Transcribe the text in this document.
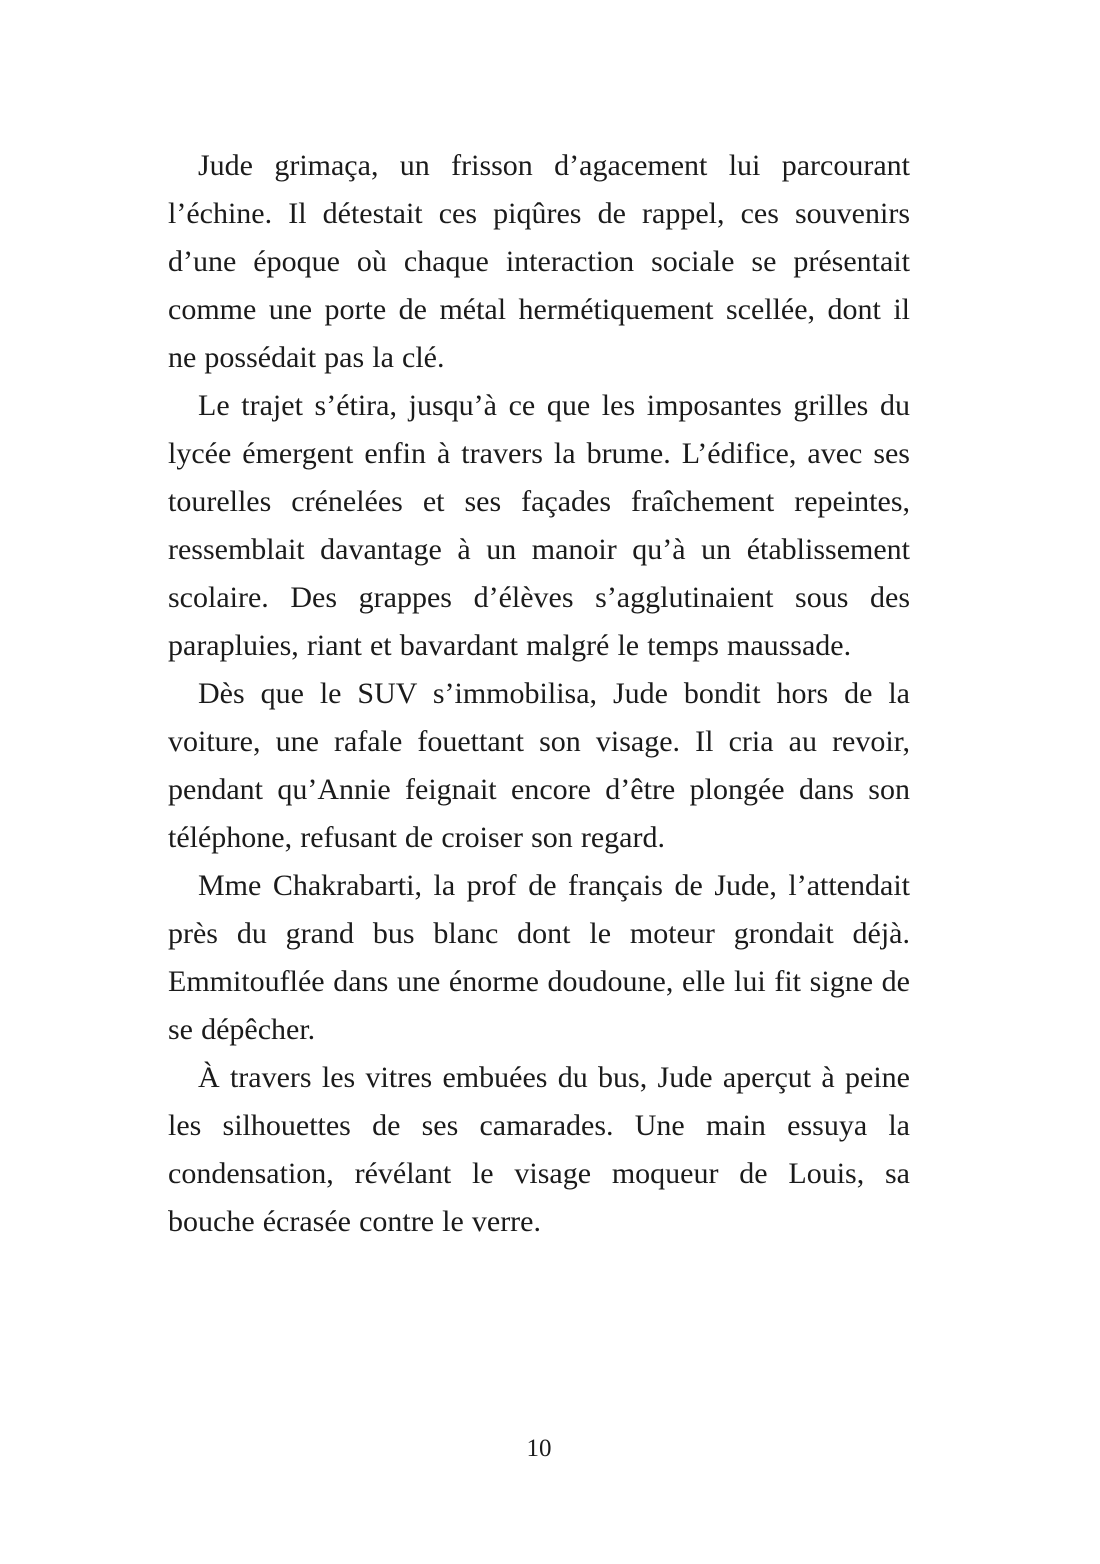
Jude grimaça, un frisson d’agacement lui parcourant l’échine. Il détestait ces piqûres de rappel, ces souvenirs d’une époque où chaque interaction sociale se présentait comme une porte de métal hermétiquement scellée, dont il ne possédait pas la clé.

Le trajet s’étira, jusqu’à ce que les imposantes grilles du lycée émergent enfin à travers la brume. L’édifice, avec ses tourelles crénelées et ses façades fraîchement repeintes, ressemblait davantage à un manoir qu’à un établissement scolaire. Des grappes d’élèves s’agglutinaient sous des parapluies, riant et bavardant malgré le temps maussade.

Dès que le SUV s’immobilisa, Jude bondit hors de la voiture, une rafale fouettant son visage. Il cria au revoir, pendant qu’Annie feignait encore d’être plongée dans son téléphone, refusant de croiser son regard.

Mme Chakrabarti, la prof de français de Jude, l’attendait près du grand bus blanc dont le moteur grondait déjà. Emmitouflée dans une énorme doudoune, elle lui fit signe de se dépêcher.

À travers les vitres embuées du bus, Jude aperçut à peine les silhouettes de ses camarades. Une main essuya la condensation, révélant le visage moqueur de Louis, sa bouche écrasée contre le verre.

10
